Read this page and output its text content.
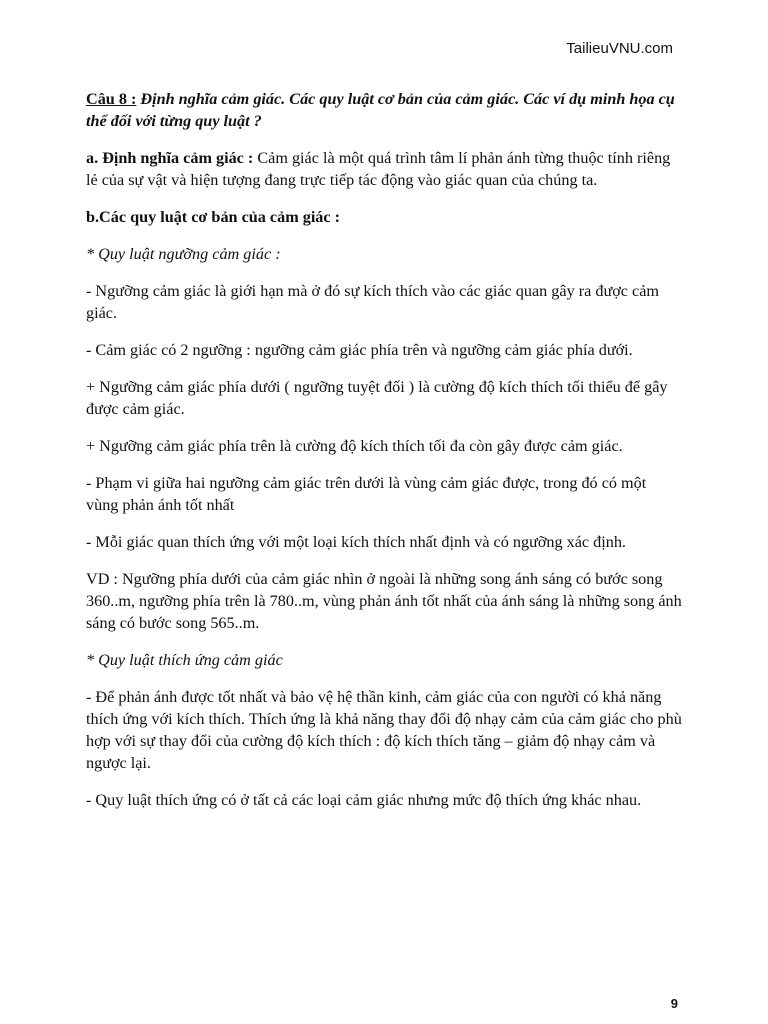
TailieuVNU.com

Câu 8 : Định nghĩa cảm giác. Các quy luật cơ bản của cảm giác. Các ví dụ minh họa cụ thể đối với từng quy luật ?

a. Định nghĩa cảm giác : Cảm giác là một quá trình tâm lí phản ánh từng thuộc tính riêng lẻ của sự vật và hiện tượng đang trực tiếp tác động vào giác quan của chúng ta.

b.Các quy luật cơ bản của cảm giác :

* Quy luật ngưỡng cảm giác :

- Ngưỡng cảm giác là giới hạn mà ở đó sự kích thích vào các giác quan gây ra được cảm giác.

- Cảm giác có 2 ngưỡng : ngưỡng cảm giác phía trên và ngưỡng cảm giác phía dưới.

+ Ngưỡng cảm giác phía dưới ( ngưỡng tuyệt đối ) là cường độ kích thích tối thiểu để gây được cảm giác.

+ Ngưỡng cảm giác phía trên là cường độ kích thích tối đa còn gây được cảm giác.

- Phạm vi giữa hai ngưỡng cảm giác trên dưới là vùng cảm giác được, trong đó có một vùng phản ánh tốt nhất

- Mỗi giác quan thích ứng với một loại kích thích nhất định và có ngưỡng xác định.

VD : Ngưỡng phía dưới của cảm giác nhìn ở ngoài là những song ánh sáng có bước song 360..m, ngưỡng phía trên là 780..m, vùng phản ánh tốt nhất của ánh sáng là những song ánh sáng có bước song 565..m.

* Quy luật thích ứng cảm giác

- Để phản ánh được tốt nhất và bảo vệ hệ thần kinh, cảm giác của con người có khả năng thích ứng với kích thích. Thích ứng là khả năng thay đổi độ nhạy cảm của cảm giác cho phù hợp với sự thay đổi của cường độ kích thích : độ kích thích tăng – giảm độ nhạy cảm và ngược lại.

- Quy luật thích ứng có ở tất cả các loại cảm giác nhưng mức độ thích ứng khác nhau.

9
